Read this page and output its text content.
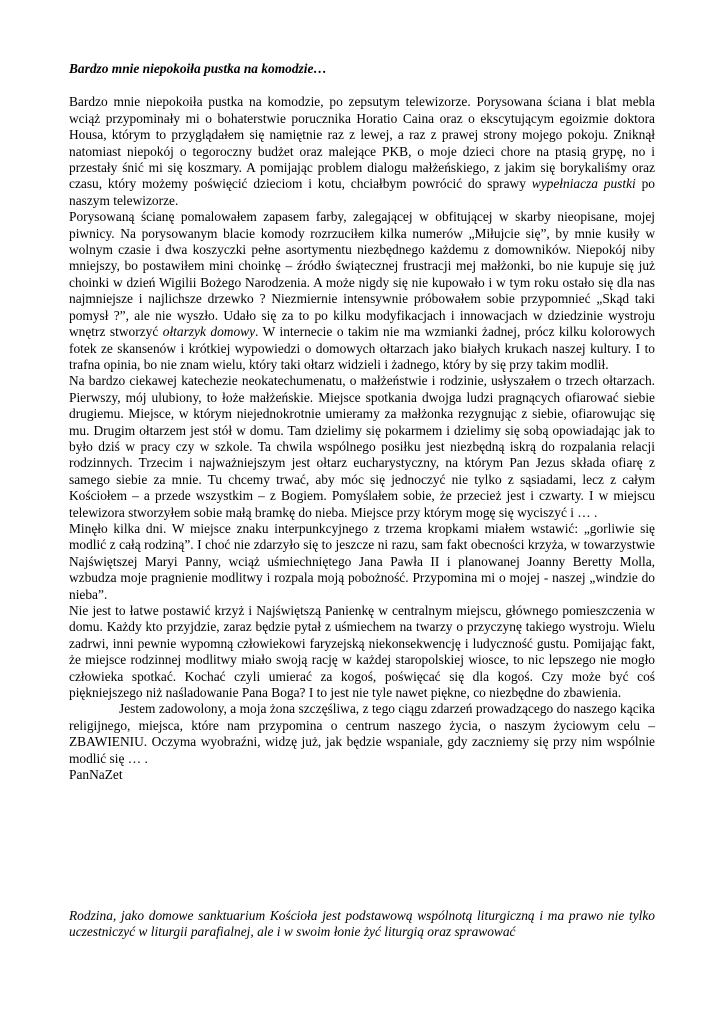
Bardzo mnie niepokoiła pustka na komodzie…

Bardzo mnie niepokoiła pustka na komodzie, po zepsutym telewizorze. Porysowana ściana i blat mebla wciąż przypominały mi o bohaterstwie porucznika Horatio Caina oraz o ekscytującym egoizmie doktora Housa, którym to przyglądałem się namiętnie raz z lewej, a raz z prawej strony mojego pokoju. Zniknął natomiast niepokój o tegoroczny budżet oraz malejące PKB, o moje dzieci chore na ptasią grypę, no i przestały śnić mi się koszmary. A pomijając problem dialogu małżeńskiego, z jakim się borykaliśmy oraz czasu, który możemy poświęcić dzieciom i kotu, chciałbym powrócić do sprawy wypełniacza pustki po naszym telewizorze.

Porysowaną ścianę pomalowałem zapasem farby, zalegającej w obfitującej w skarby nieopisane, mojej piwnicy. Na porysowanym blacie komody rozrzuciłem kilka numerów „Miłujcie się”, by mnie kusiły w wolnym czasie i dwa koszyczki pełne asortymentu niezbędnego każdemu z domowników. Niepokój niby mniejszy, bo postawiłem mini choinkę – źródło świątecznej frustracji mej małżonki, bo nie kupuje się już choinki w dzień Wigilii Bożego Narodzenia. A może nigdy się nie kupowało i w tym roku ostało się dla nas najmniejsze i najlichsze drzewko ? Niezmiernie intensywnie próbowałem sobie przypomnieć „Skąd taki pomysł ?”, ale nie wyszło. Udało się za to po kilku modyfikacjach i innowacjach w dziedzinie wystroju wnętrz stworzyć ołtarzyk domowy. W internecie o takim nie ma wzmianki żadnej, prócz kilku kolorowych fotek ze skansenów i krótkiej wypowiedzi o domowych ołtarzach jako białych krukach naszej kultury. I to trafna opinia, bo nie znam wielu, który taki ołtarz widzieli i żadnego, który by się przy takim modlił.

Na bardzo ciekawej katechezie neokatechumenatu, o małżeństwie i rodzinie, usłyszałem o trzech ołtarzach. Pierwszy, mój ulubiony, to łoże małżeńskie. Miejsce spotkania dwojga ludzi pragnących ofiarować siebie drugiemu. Miejsce, w którym niejednokrotnie umieramy za małżonka rezygnując z siebie, ofiarowując się mu. Drugim ołtarzem jest stół w domu. Tam dzielimy się pokarmem i dzielimy się sobą opowiadając jak to było dziś w pracy czy w szkole. Ta chwila wspólnego posiłku jest niezbędną iskrą do rozpalania relacji rodzinnych. Trzecim i najważniejszym jest ołtarz eucharystyczny, na którym Pan Jezus składa ofiarę z samego siebie za mnie. Tu chcemy trwać, aby móc się jednoczyć nie tylko z sąsiadami, lecz z całym Kościołem – a przede wszystkim – z Bogiem. Pomyślałem sobie, że przecież jest i czwarty. I w miejscu telewizora stworzyłem sobie małą bramkę do nieba. Miejsce przy którym mogę się wyciszyć i … .

Minęło kilka dni. W miejsce znaku interpunkcyjnego z trzema kropkami miałem wstawić: „gorliwie się modlić z całą rodziną”. I choć nie zdarzyło się to jeszcze ni razu, sam fakt obecności krzyża, w towarzystwie Najświętszej Maryi Panny, wciąż uśmiechniętego Jana Pawła II i planowanej Joanny Beretty Molla, wzbudza moje pragnienie modlitwy i rozpala moją pobożność. Przypomina mi o mojej - naszej „windzie do nieba”.

Nie jest to łatwe postawić krzyż i Najświętszą Panienkę w centralnym miejscu, głównego pomieszczenia w domu. Każdy kto przyjdzie, zaraz będzie pytał z uśmiechem na twarzy o przyczynę takiego wystroju. Wielu zadrwi, inni pewnie wypomną człowiekowi faryzejską niekonsekwencję i ludyczność gustu. Pomijając fakt, że miejsce rodzinnej modlitwy miało swoją rację w każdej staropolskiej wiosce, to nic lepszego nie mogło człowieka spotkać. Kochać czyli umierać za kogoś, poświęcać się dla kogoś. Czy może być coś piękniejszego niż naśladowanie Pana Boga? I to jest nie tyle nawet piękne, co niezbędne do zbawienia.

Jestem zadowolony, a moja żona szczęśliwa, z tego ciągu zdarzeń prowadzącego do naszego kącika religijnego, miejsca, które nam przypomina o centrum naszego życia, o naszym życiowym celu – ZBAWIENIU. Oczyma wyobraźni, widzę już, jak będzie wspaniale, gdy zaczniemy się przy nim wspólnie modlić się … .

PanNaZet

Rodzina, jako domowe sanktuarium Kościoła jest podstawową wspólnotą liturgiczną i ma prawo nie tylko uczestniczyć w liturgii parafialnej, ale i w swoim łonie żyć liturgią oraz sprawować
